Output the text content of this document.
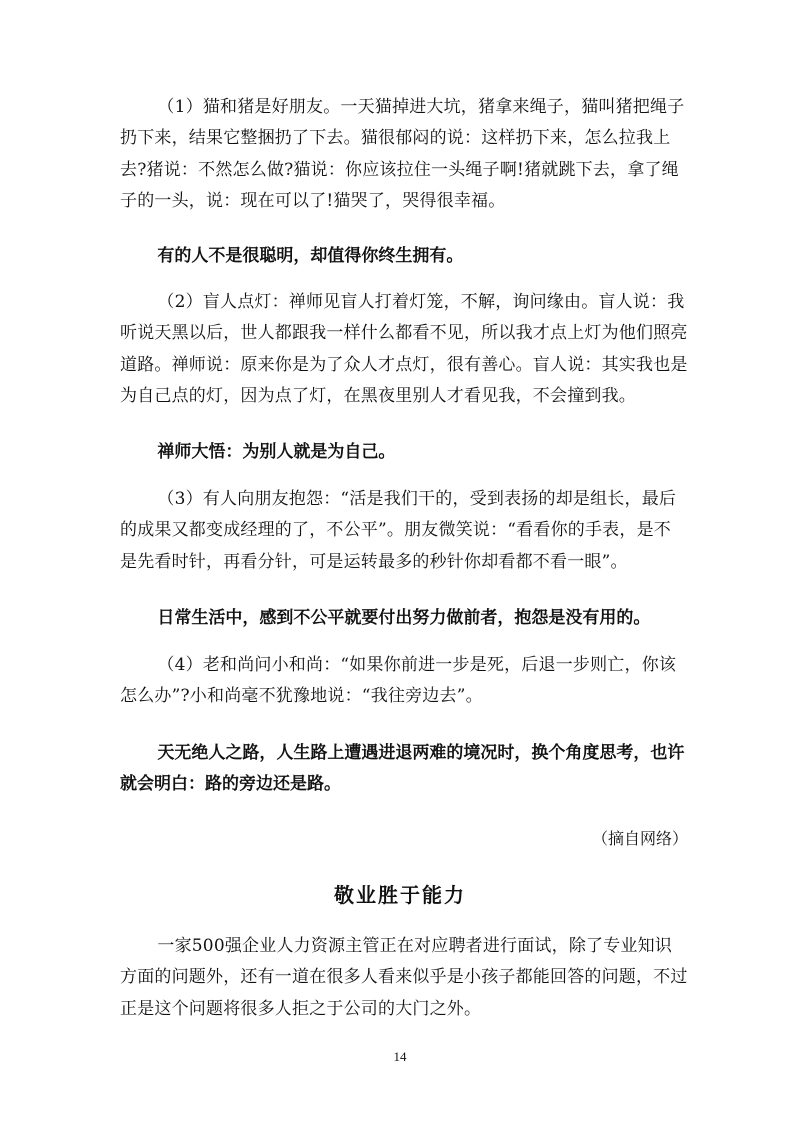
（1）猫和猪是好朋友。一天猫掉进大坑，猪拿来绳子，猫叫猪把绳子扔下来，结果它整捆扔了下去。猫很郁闷的说：这样扔下来，怎么拉我上去?猪说：不然怎么做?猫说：你应该拉住一头绳子啊!猪就跳下去，拿了绳子的一头，说：现在可以了!猫哭了，哭得很幸福。

有的人不是很聪明，却值得你终生拥有。

（2）盲人点灯：禅师见盲人打着灯笼，不解，询问缘由。盲人说：我听说天黑以后，世人都跟我一样什么都看不见，所以我才点上灯为他们照亮道路。禅师说：原来你是为了众人才点灯，很有善心。盲人说：其实我也是为自己点的灯，因为点了灯，在黑夜里别人才看见我，不会撞到我。

禅师大悟：为别人就是为自己。

（3）有人向朋友抱怨：“活是我们干的，受到表扬的却是组长，最后的成果又都变成经理的了，不公平”。朋友微笑说：“看看你的手表，是不是先看时针，再看分针，可是运转最多的秒针你却看都不看一眼”。

日常生活中，感到不公平就要付出努力做前者，抱怨是没有用的。

（4）老和尚问小和尚：“如果你前进一步是死，后退一步则亡，你该怎么办”?小和尚毫不犹豫地说：“我往旁边去”。

天无绝人之路，人生路上遭遇进退两难的境况时，换个角度思考，也许就会明白：路的旁边还是路。

（摘自网络）

敬业胜于能力

一家500强企业人力资源主管正在对应聘者进行面试，除了专业知识方面的问题外，还有一道在很多人看来似乎是小孩子都能回答的问题，不过正是这个问题将很多人拒之于公司的大门之外。

14
